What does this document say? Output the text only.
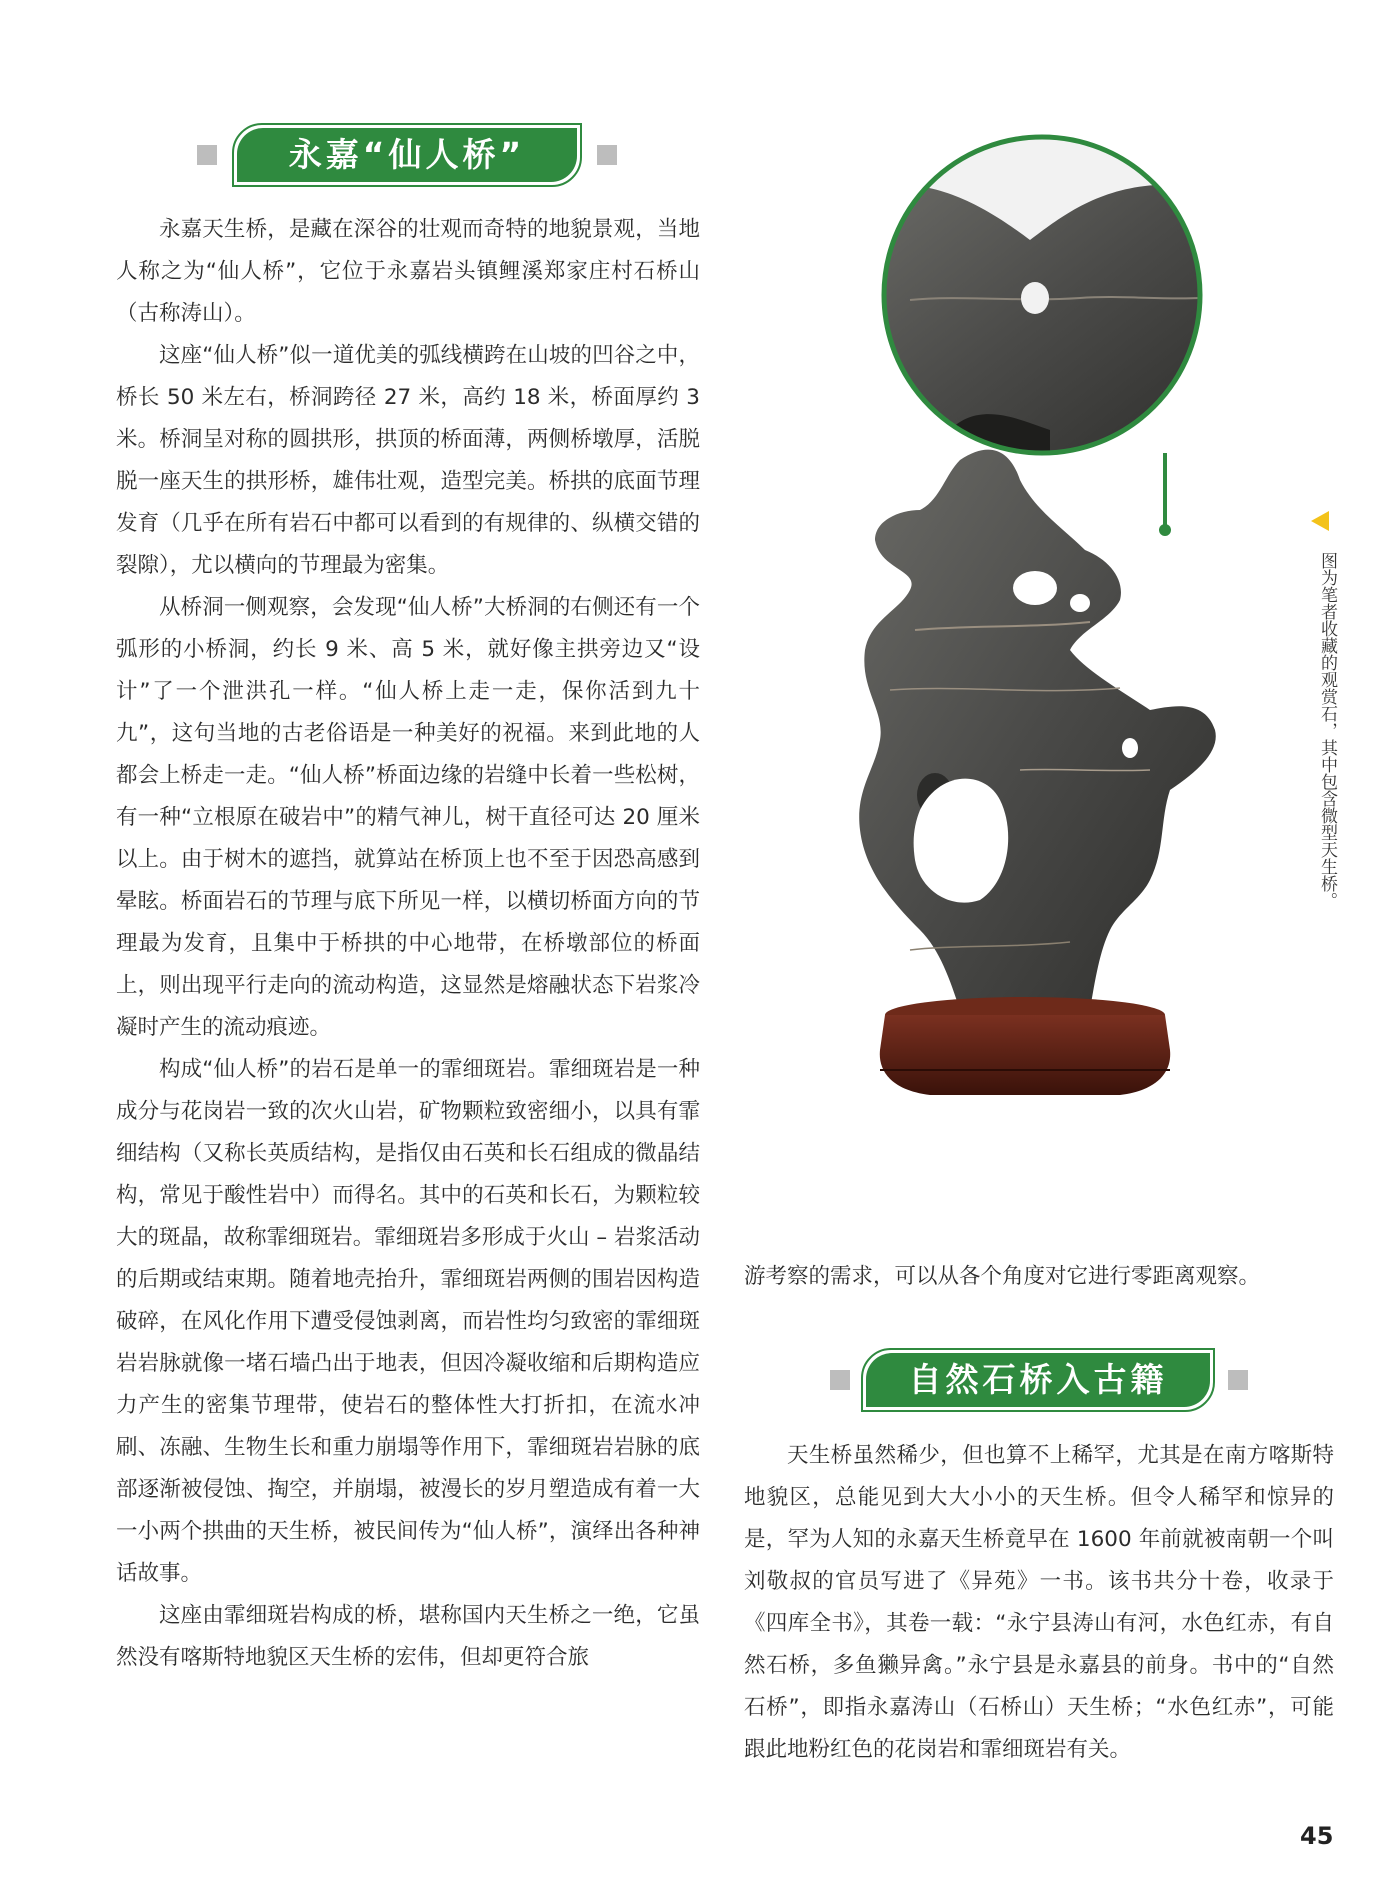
永嘉“仙人桥”

永嘉天生桥，是藏在深谷的壮观而奇特的地貌景观，当地人称之为“仙人桥”，它位于永嘉岩头镇鲤溪郑家庄村石桥山（古称涛山）。

这座“仙人桥”似一道优美的弧线横跨在山坡的凹谷之中，桥长 50 米左右，桥洞跨径 27 米，高约 18 米，桥面厚约 3 米。桥洞呈对称的圆拱形，拱顶的桥面薄，两侧桥墩厚，活脱脱一座天生的拱形桥，雄伟壮观，造型完美。桥拱的底面节理发育（几乎在所有岩石中都可以看到的有规律的、纵横交错的裂隙），尤以横向的节理最为密集。

从桥洞一侧观察，会发现“仙人桥”大桥洞的右侧还有一个弧形的小桥洞，约长 9 米、高 5 米，就好像主拱旁边又“设计”了一个泄洪孔一样。“仙人桥上走一走，保你活到九十九”，这句当地的古老俗语是一种美好的祝福。来到此地的人都会上桥走一走。“仙人桥”桥面边缘的岩缝中长着一些松树，有一种“立根原在破岩中”的精气神儿，树干直径可达 20 厘米以上。由于树木的遮挡，就算站在桥顶上也不至于因恐高感到晕眩。桥面岩石的节理与底下所见一样，以横切桥面方向的节理最为发育，且集中于桥拱的中心地带，在桥墩部位的桥面上，则出现平行走向的流动构造，这显然是熔融状态下岩浆冷凝时产生的流动痕迹。

构成“仙人桥”的岩石是单一的霏细斑岩。霏细斑岩是一种成分与花岗岩一致的次火山岩，矿物颗粒致密细小，以具有霏细结构（又称长英质结构，是指仅由石英和长石组成的微晶结构，常见于酸性岩中）而得名。其中的石英和长石，为颗粒较大的斑晶，故称霏细斑岩。霏细斑岩多形成于火山 – 岩浆活动的后期或结束期。随着地壳抬升，霏细斑岩两侧的围岩因构造破碎，在风化作用下遭受侵蚀剥离，而岩性均匀致密的霏细斑岩岩脉就像一堵石墙凸出于地表，但因冷凝收缩和后期构造应力产生的密集节理带，使岩石的整体性大打折扣，在流水冲刷、冻融、生物生长和重力崩塌等作用下，霏细斑岩岩脉的底部逐渐被侵蚀、掏空，并崩塌，被漫长的岁月塑造成有着一大一小两个拱曲的天生桥，被民间传为“仙人桥”，演绎出各种神话故事。

这座由霏细斑岩构成的桥，堪称国内天生桥之一绝，它虽然没有喀斯特地貌区天生桥的宏伟，但却更符合旅

图为笔者收藏的观赏石，其中包含微型天生桥。

游考察的需求，可以从各个角度对它进行零距离观察。

自然石桥入古籍

天生桥虽然稀少，但也算不上稀罕，尤其是在南方喀斯特地貌区，总能见到大大小小的天生桥。但令人稀罕和惊异的是，罕为人知的永嘉天生桥竟早在 1600 年前就被南朝一个叫刘敬叔的官员写进了《异苑》一书。该书共分十卷，收录于《四库全书》，其卷一载：“永宁县涛山有河，水色红赤，有自然石桥，多鱼獭异禽。”永宁县是永嘉县的前身。书中的“自然石桥”，即指永嘉涛山（石桥山）天生桥；“水色红赤”，可能跟此地粉红色的花岗岩和霏细斑岩有关。

45
